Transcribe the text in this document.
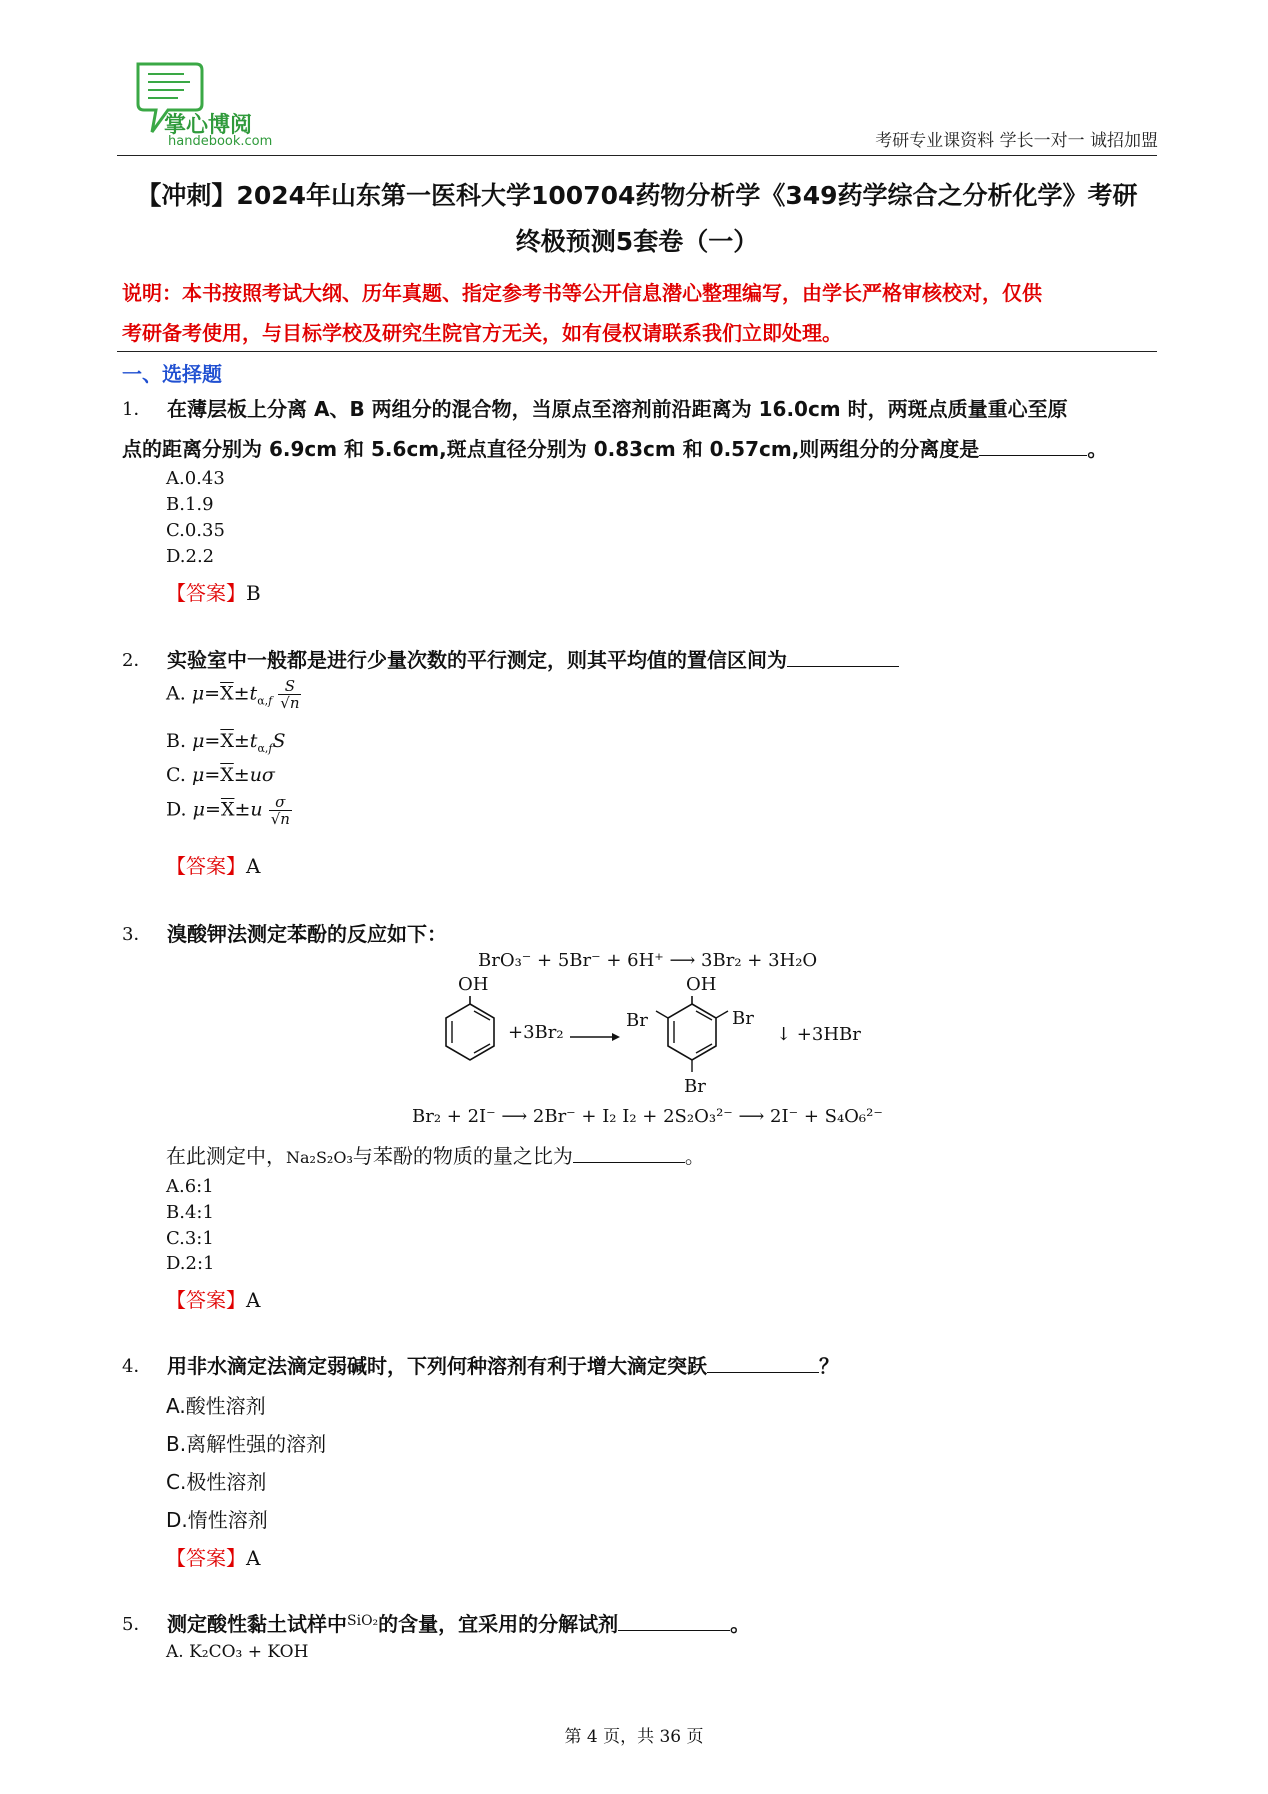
掌心博阅
handebook.com	考研专业课资料 学长一对一 诚招加盟
【冲刺】2024年山东第一医科大学100704药物分析学《349药学综合之分析化学》考研
终极预测5套卷（一）
说明：本书按照考试大纲、历年真题、指定参考书等公开信息潜心整理编写，由学长严格审核校对，仅供
考研备考使用，与目标学校及研究生院官方无关，如有侵权请联系我们立即处理。
一、选择题
1． 在薄层板上分离 A、B 两组分的混合物，当原点至溶剂前沿距离为 16.0cm 时，两斑点质量重心至原
点的距离分别为 6.9cm 和 5.6cm,斑点直径分别为 0.83cm 和 0.57cm,则两组分的分离度是	。
A.0.43
B.1.9
C.0.35
D.2.2
【答案】B
2． 实验室中一般都是进行少量次数的平行测定，则其平均值的置信区间为
A. $\mu=\overline{X}\pm t_{\alpha,f} \frac{S}{√n}$
B. $\mu=\overline{X}\pm t_{\alpha,f}S$
C. $\mu=\overline{X}\pm u\sigma$
D. $\mu=\overline{X}\pm u \frac{\sigma}{√n}$
【答案】A
3． 溴酸钾法测定苯酚的反应如下：
BrO₃⁻ + 5Br⁻ + 6H⁺ ⟶ 3Br₂ + 3H₂O
OH
+3Br₂ →
Br
OH
Br
Br
↓ +3HBr
Br₂ + 2I⁻ ⟶ 2Br⁻ + I₂ I₂ + 2S₂O₃²⁻ ⟶ 2I⁻ + S₄O₆²⁻
在此测定中，Na₂S₂O₃与苯酚的物质的量之比为	。
A.6:1
B.4:1
C.3:1
D.2:1
【答案】A
4． 用非水滴定法滴定弱碱时，下列何种溶剂有利于增大滴定突跃	？
A.酸性溶剂
B.离解性强的溶剂
C.极性溶剂
D.惰性溶剂
【答案】A
5． 测定酸性黏土试样中$^{SiO_2}$的含量，宜采用的分解试剂	。
A. K₂CO₃ + KOH
第 4 页，共 36 页
